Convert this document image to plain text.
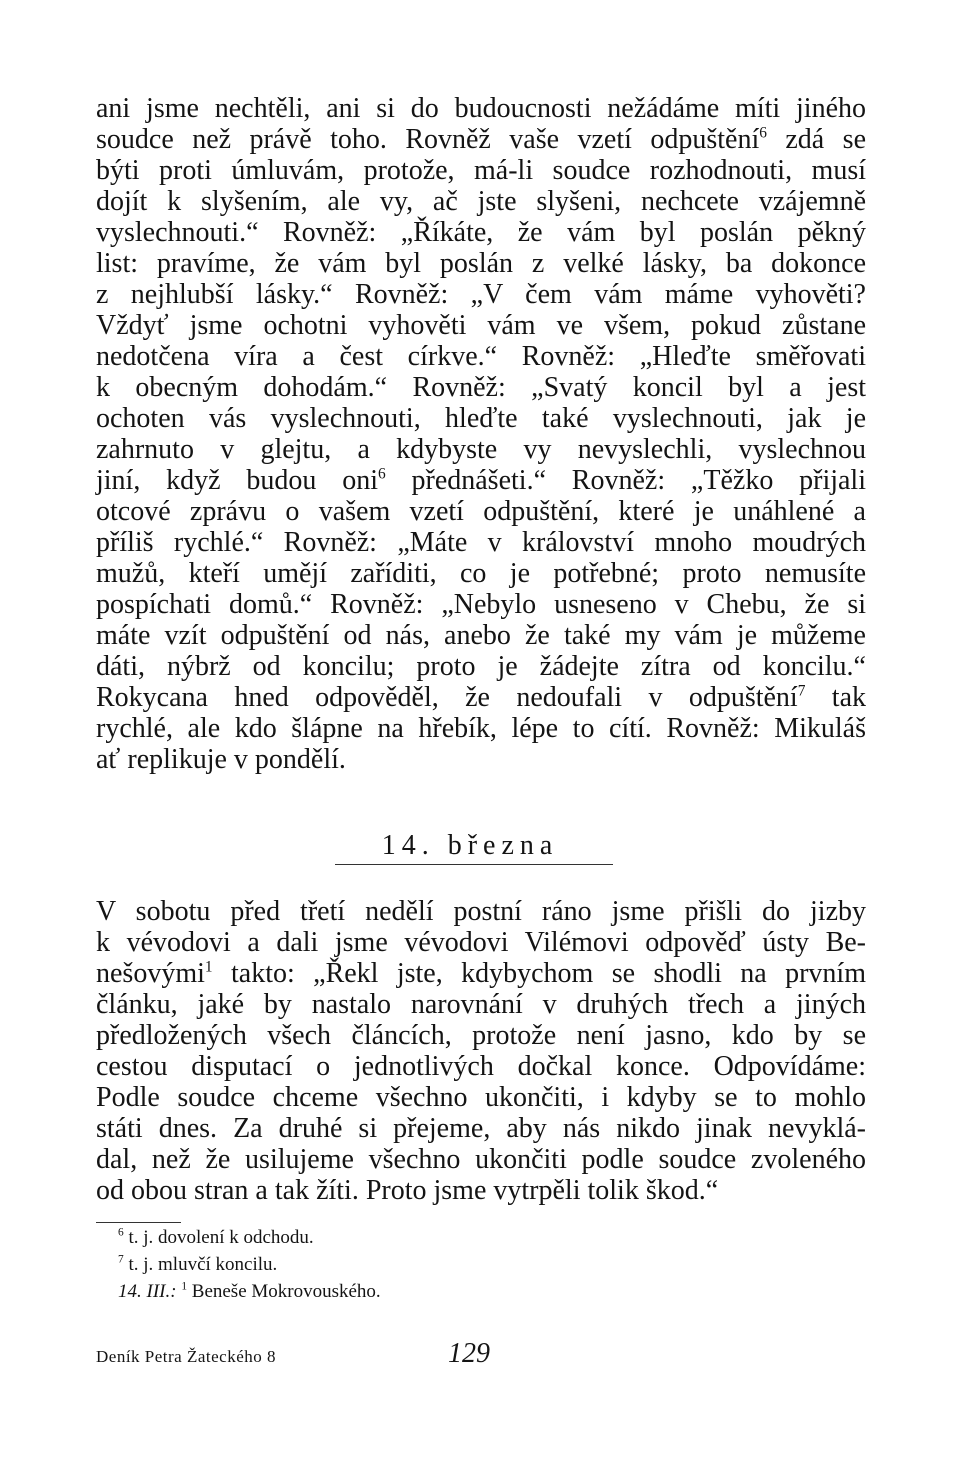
ani jsme nechtěli, ani si do budoucnosti nežádáme míti jiného
soudce než právě toho. Rovněž vaše vzetí odpuštění$^6$ zdá se
býti proti úmluvám, protože, má-li soudce rozhodnouti, musí
dojít k slyšením, ale vy, ač jste slyšeni, nechcete vzájemně
vyslechnouti.“ Rovněž: „Říkáte, že vám byl poslán pěkný
list: pravíme, že vám byl poslán z velké lásky, ba dokonce
z nejhlubší lásky.“ Rovněž: „V čem vám máme vyhověti?
Vždyť jsme ochotni vyhověti vám ve všem, pokud zůstane
nedotčena víra a čest církve.“ Rovněž: „Hleďte směřovati
k obecným dohodám.“ Rovněž: „Svatý koncil byl a jest
ochoten vás vyslechnouti, hleďte také vyslechnouti, jak je
zahrnuto v glejtu, a kdybyste vy nevyslechli, vyslechnou
jiní, když budou oni$^6$ přednášeti.“ Rovněž: „Těžko přijali
otcové zprávu o vašem vzetí odpuštění, které je unáhlené a
příliš rychlé.“ Rovněž: „Máte v království mnoho moudrých
mužů, kteří umějí zaříditi, co je potřebné; proto nemusíte
pospíchati domů.“ Rovněž: „Nebylo usneseno v Chebu, že si
máte vzít odpuštění od nás, anebo že také my vám je můžeme
dáti, nýbrž od koncilu; proto je žádejte zítra od koncilu.“
Rokycana hned odpověděl, že nedoufali v odpuštění$^7$ tak
rychlé, ale kdo šlápne na hřebík, lépe to cítí. Rovněž: Mikuláš
ať replikuje v pondělí.
14. března
V sobotu před třetí nedělí postní ráno jsme přišli do jizby
k vévodovi a dali jsme vévodovi Vilémovi odpověď ústy Be-
nešovými$^1$ takto: „Řekl jste, kdybychom se shodli na prvním
článku, jaké by nastalo narovnání v druhých třech a jiných
předložených všech článcích, protože není jasno, kdo by se
cestou disputací o jednotlivých dočkal konce. Odpovídáme:
Podle soudce chceme všechno ukončiti, i kdyby se to mohlo
státi dnes. Za druhé si přejeme, aby nás nikdo jinak nevyklá-
dal, než že usilujeme všechno ukončiti podle soudce zvoleného
od obou stran a tak žíti. Proto jsme vytrpěli tolik škod.“
$^6$ t. j. dovolení k odchodu.
$^7$ t. j. mluvčí koncilu.
14. III.: $^1$ Beneše Mokrovouského.
Deník Petra Žateckého 8	129
